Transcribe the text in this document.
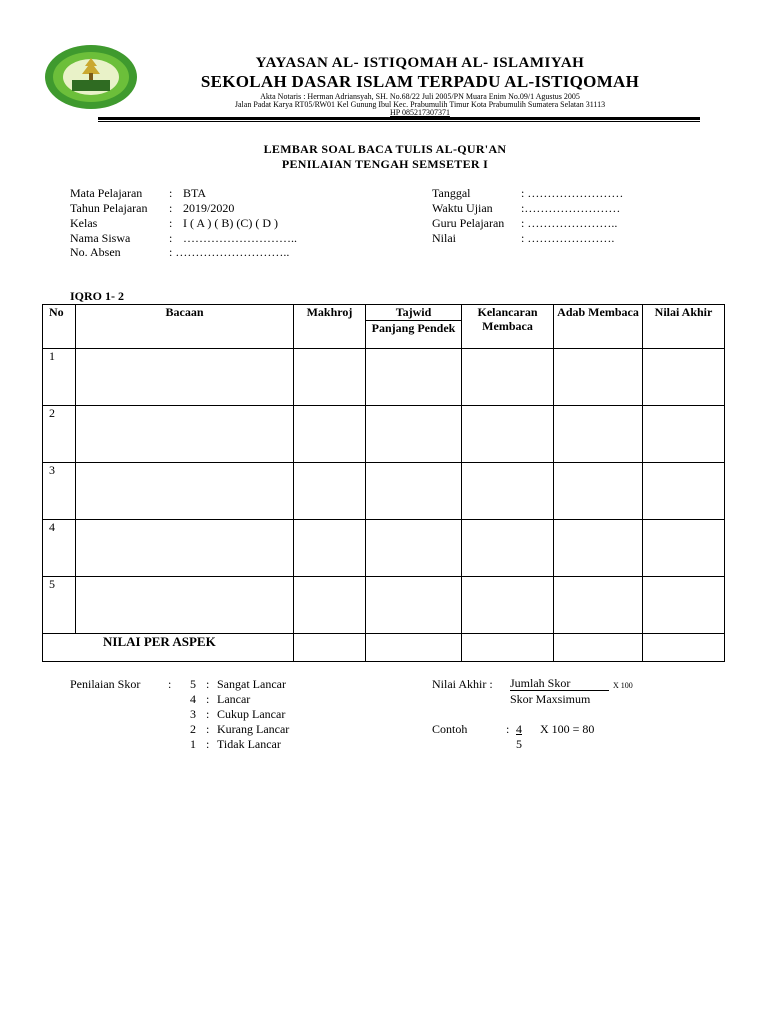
YAYASAN AL- ISTIQOMAH AL- ISLAMIYAH
SEKOLAH DASAR ISLAM TERPADU AL-ISTIQOMAH
Akta Notaris : Herman Adriansyah, SH. No.68/22 Juli 2005/PN Muara Enim No.09/1 Agustus 2005
Jalan Padat Karya RT05/RW01 Kel Gunung Ibul Kec. Prabumulih Timur Kota Prabumulih Sumatera Selatan 31113
HP 085217307371
LEMBAR SOAL BACA TULIS AL-QUR'AN
PENILAIAN TENGAH SEMSETER I
Mata Pelajaran : BTA
Tahun Pelajaran : 2019/2020
Kelas	: I ( A ) ( B) (C) ( D )
Nama Siswa	: ………………………..
No. Absen	: ………………………..
Tanggal	: ……………………
Waktu Ujian :……………………
Guru Pelajaran : …………………..
Nilai	: ………………….
IQRO 1- 2
No	Bacaan	Makhroj	Tajwid	Kelancaran Membaca	Adab Membaca	Nilai Akhir
			Panjang Pendek			
1						
2						
3						
4						
5						
NILAI PER ASPEK						
Penilaian Skor : 5 : Sangat Lancar
4 : Lancar
3 : Cukup Lancar
2 : Kurang Lancar
1 : Tidak Lancar
Nilai Akhir : Jumlah Skor	X 100
Skor Maxsimum
Contoh	: 4
5
X 100 = 80
